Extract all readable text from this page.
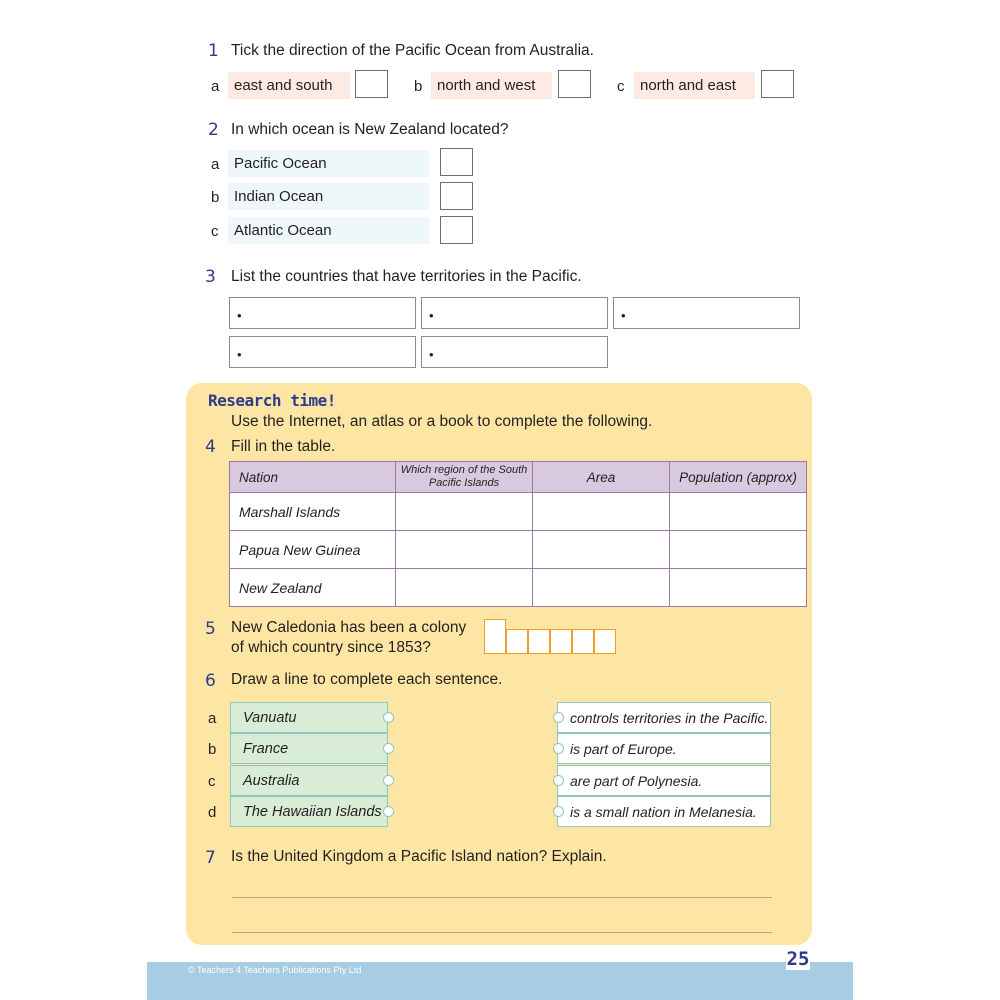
1 Tick the direction of the Pacific Ocean from Australia.
a east and south	b north and west	c	north and east
2 In which ocean is New Zealand located?
a Pacific Ocean
b Indian Ocean
c	Atlantic Ocean
3 List the countries that have territories in the Pacific.
•	•	•
•	•
Research time!
Use the Internet, an atlas or a book to complete the following.
4 Fill in the table.
Nation	Which region of the South Pacific Islands	Area	Population (approx)
Marshall Islands			
Papua New Guinea			
New Zealand			
5 New Caledonia has been a colony
of which country since 1853?
6 Draw a line to complete each sentence.
a	Vanuatu
b	France
c	Australia
d	The Hawaiian Islands
controls territories in the Pacific.
is part of Europe.
are part of Polynesia.
is a small nation in Melanesia.
7 Is the United Kingdom a Pacific Island nation? Explain.
© Teachers 4 Teachers Publications Pty Ltd	25
